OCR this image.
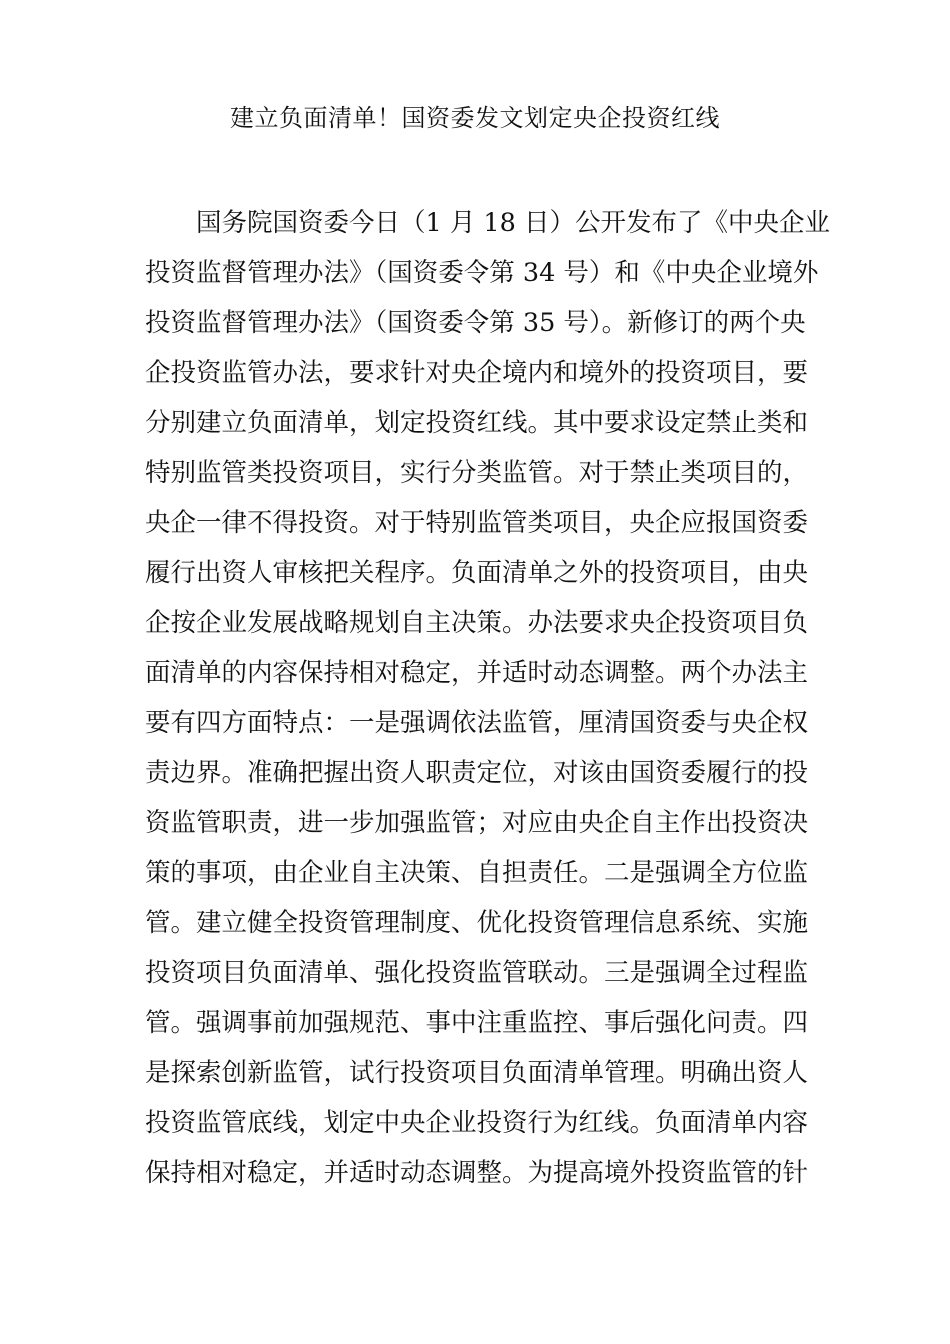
建立负面清单！国资委发文划定央企投资红线
国务院国资委今日（1 月 18 日）公开发布了《中央企业
投资监督管理办法》（国资委令第 34 号）和《中央企业境外
投资监督管理办法》（国资委令第 35 号）。新修订的两个央
企投资监管办法，要求针对央企境内和境外的投资项目，要
分别建立负面清单，划定投资红线。其中要求设定禁止类和
特别监管类投资项目，实行分类监管。对于禁止类项目的，
央企一律不得投资。对于特别监管类项目，央企应报国资委
履行出资人审核把关程序。负面清单之外的投资项目，由央
企按企业发展战略规划自主决策。办法要求央企投资项目负
面清单的内容保持相对稳定，并适时动态调整。两个办法主
要有四方面特点：一是强调依法监管，厘清国资委与央企权
责边界。准确把握出资人职责定位，对该由国资委履行的投
资监管职责，进一步加强监管；对应由央企自主作出投资决
策的事项，由企业自主决策、自担责任。二是强调全方位监
管。建立健全投资管理制度、优化投资管理信息系统、实施
投资项目负面清单、强化投资监管联动。三是强调全过程监
管。强调事前加强规范、事中注重监控、事后强化问责。四
是探索创新监管，试行投资项目负面清单管理。明确出资人
投资监管底线，划定中央企业投资行为红线。负面清单内容
保持相对稳定，并适时动态调整。为提高境外投资监管的针
